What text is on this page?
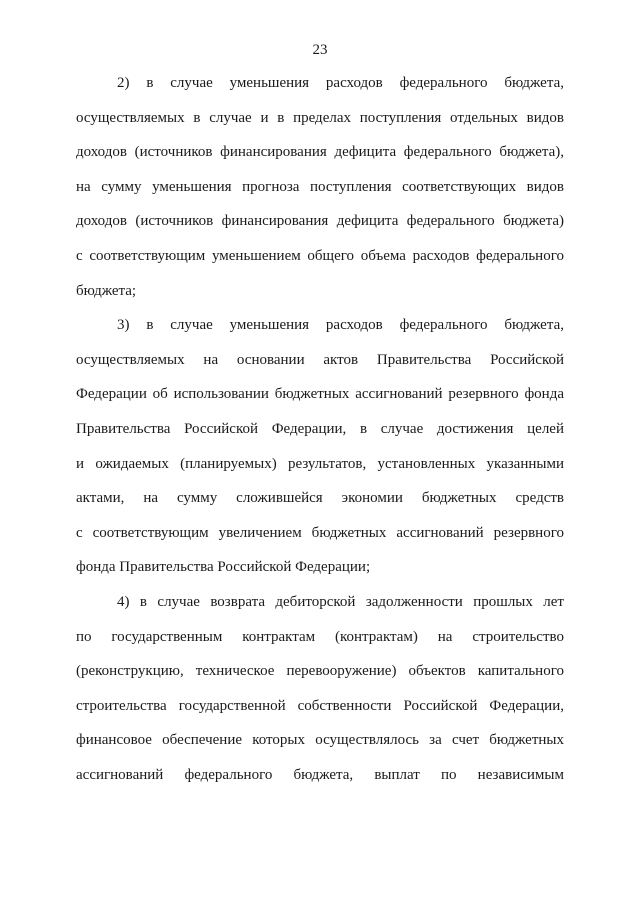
23
2) в случае уменьшения расходов федерального бюджета,
осуществляемых в случае и в пределах поступления отдельных видов
доходов (источников финансирования дефицита федерального бюджета),
на сумму уменьшения прогноза поступления соответствующих видов
доходов (источников финансирования дефицита федерального бюджета)
с соответствующим уменьшением общего объема расходов федерального
бюджета;
3) в случае уменьшения расходов федерального бюджета,
осуществляемых на основании актов Правительства Российской
Федерации об использовании бюджетных ассигнований резервного фонда
Правительства Российской Федерации, в случае достижения целей
и ожидаемых (планируемых) результатов, установленных указанными
актами, на сумму сложившейся экономии бюджетных средств
с соответствующим увеличением бюджетных ассигнований резервного
фонда Правительства Российской Федерации;
4) в случае возврата дебиторской задолженности прошлых лет
по государственным контрактам (контрактам) на строительство
(реконструкцию, техническое перевооружение) объектов капитального
строительства государственной собственности Российской Федерации,
финансовое обеспечение которых осуществлялось за счет бюджетных
ассигнований федерального бюджета, выплат по независимым
